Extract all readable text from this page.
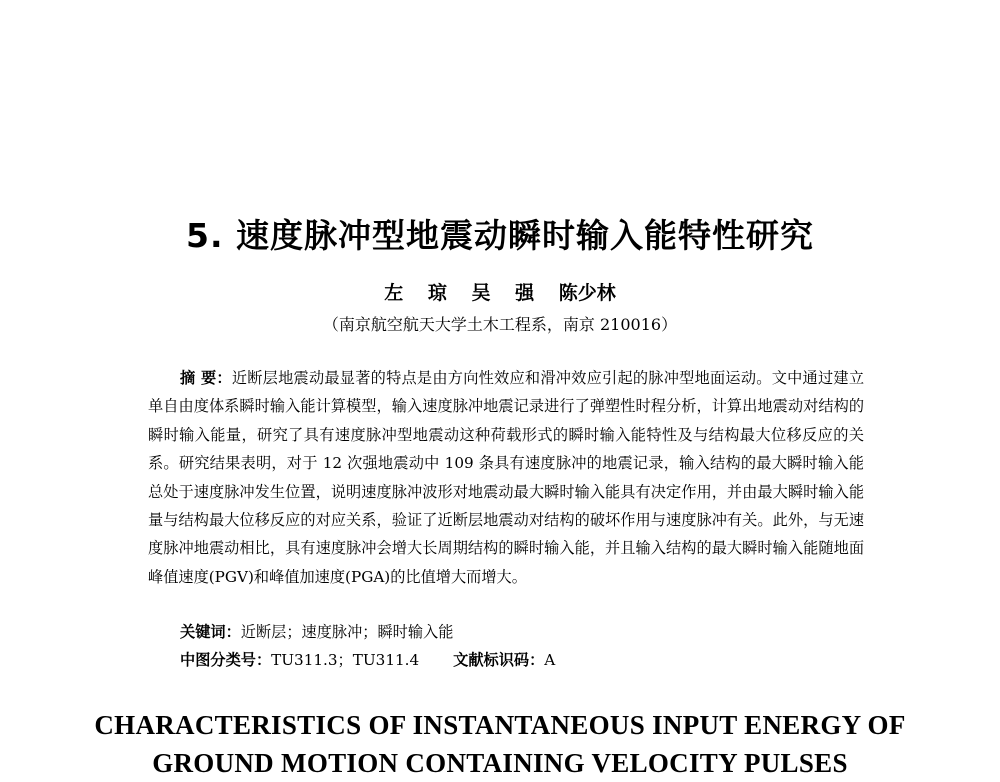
5. 速度脉冲型地震动瞬时输入能特性研究
左 琼 吴 强 陈少林
（南京航空航天大学土木工程系，南京 210016）

摘 要：近断层地震动最显著的特点是由方向性效应和滑冲效应引起的脉冲型地面运动。文中通过建立单自由度体系瞬时输入能计算模型，输入速度脉冲地震记录进行了弹塑性时程分析，计算出地震动对结构的瞬时输入能量，研究了具有速度脉冲型地震动这种荷载形式的瞬时输入能特性及与结构最大位移反应的关系。研究结果表明，对于 12 次强地震动中 109 条具有速度脉冲的地震记录，输入结构的最大瞬时输入能总处于速度脉冲发生位置，说明速度脉冲波形对地震动最大瞬时输入能具有决定作用，并由最大瞬时输入能量与结构最大位移反应的对应关系，验证了近断层地震动对结构的破坏作用与速度脉冲有关。此外，与无速度脉冲地震动相比，具有速度脉冲会增大长周期结构的瞬时输入能，并且输入结构的最大瞬时输入能随地面峰值速度(PGV)和峰值加速度(PGA)的比值增大而增大。

关键词：近断层；速度脉冲；瞬时输入能
中图分类号：TU311.3；TU311.4 文献标识码：A
CHARACTERISTICS OF INSTANTANEOUS INPUT ENERGY OF
GROUND MOTION CONTAINING VELOCITY PULSES
